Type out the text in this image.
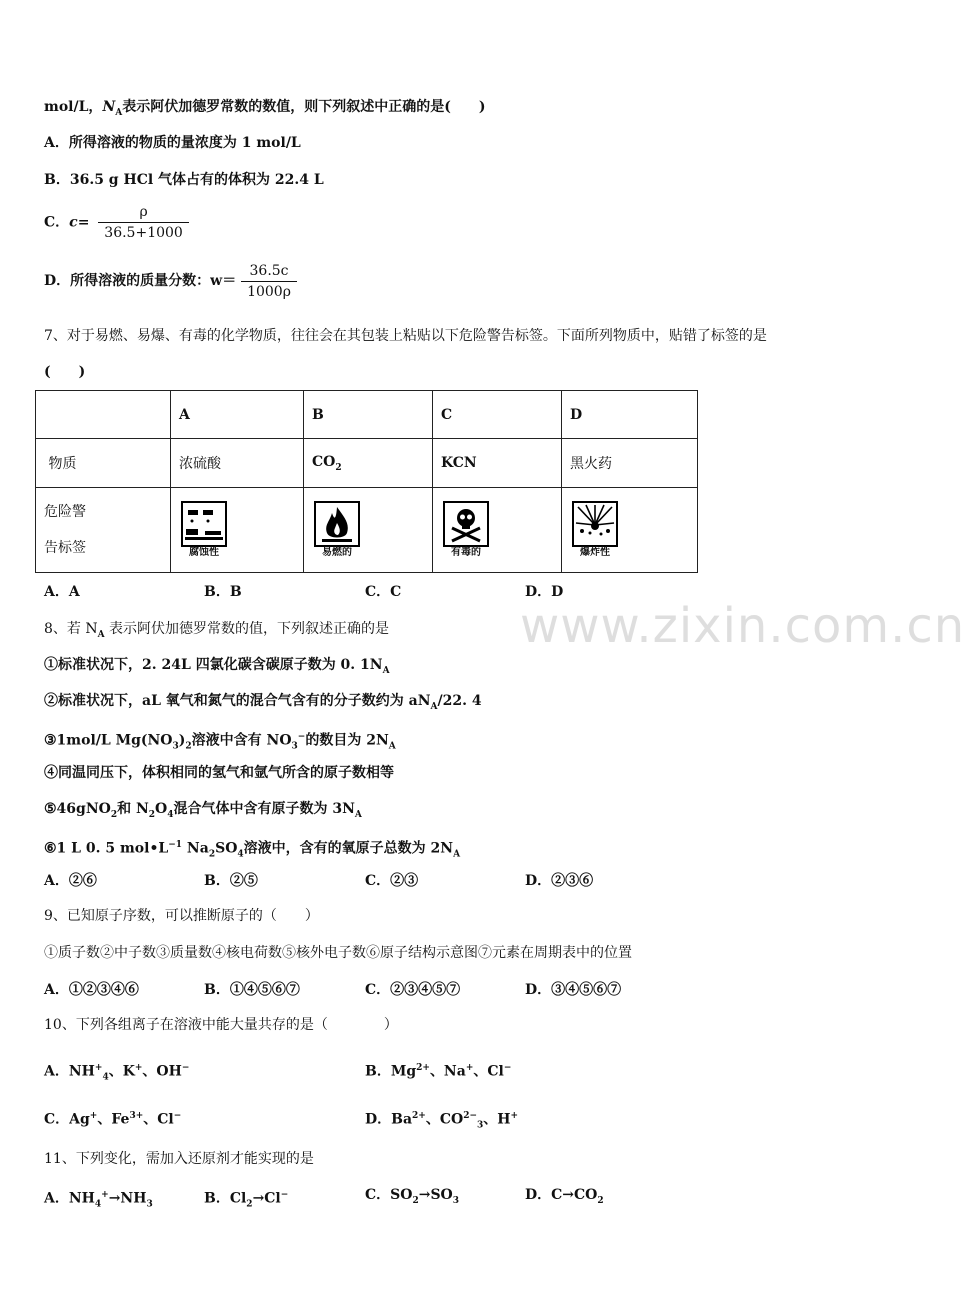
mol/L，$N_A$表示阿伏加德罗常数的数值，则下列叙述中正确的是(　　)
A．所得溶液的物质的量浓度为 1 mol/L
B．36.5 g HCl 气体占有的体积为 22.4 L
C．$c= \frac{\rho}{36.5+1000}$
D．所得溶液的质量分数：$w= \frac{36.5c}{1000\rho}$
7、对于易燃、易爆、有毒的化学物质，往往会在其包装上粘贴以下危险警告标签。下面所列物质中，贴错了标签的是
(　　)
	A	B	C	D
物质	浓硫酸	$CO_2$	KCN	黑火药

危险警
告标签	腐蚀性	易燃的	有毒的	爆炸性
A．A	B．B	C．C	D．D
www.zixin.com.cn
8、若 $N_A$ 表示阿伏加德罗常数的值，下列叙述正确的是
①标准状况下，2. 24L 四氯化碳含碳原子数为 0. $1N_A$
②标准状况下，aL 氧气和氮气的混合气含有的分子数约为 $aN_A/22$. 4
③1mol/L $Mg(NO_3)_2$溶液中含有 $NO_3^-$的数目为 $2N_A$
④同温同压下，体积相同的氢气和氩气所含的原子数相等
⑤46gNO$_2$和 $N_2O_4$混合气体中含有原子数为 $3N_A$
⑥1 L 0. 5 $mol•L^{-1}$ $Na_2SO_4$溶液中，含有的氧原子总数为 $2N_A$
A．②⑥	B．②⑤	C．②③	D．②③⑥
9、已知原子序数，可以推断原子的（　　）
①质子数②中子数③质量数④核电荷数⑤核外电子数⑥原子结构示意图⑦元素在周期表中的位置
A．①②③④⑥	B．①④⑤⑥⑦	C．②③④⑤⑦	D．③④⑤⑥⑦
10、下列各组离子在溶液中能大量共存的是（　　　　）
A．$NH^+_4$、K+、OH−	B．$Mg^{2+}$、Na+、Cl−
C．Ag+、$Fe^{3+}$、Cl−	D．$Ba^{2+}$、$CO^{2-}_3$、H+
11、下列变化，需加入还原剂才能实现的是
A．$NH_4^+\to NH_3$	B．$Cl_2\to Cl^-$	C．$SO_2\to SO_3$	D．$C\to CO_2$
